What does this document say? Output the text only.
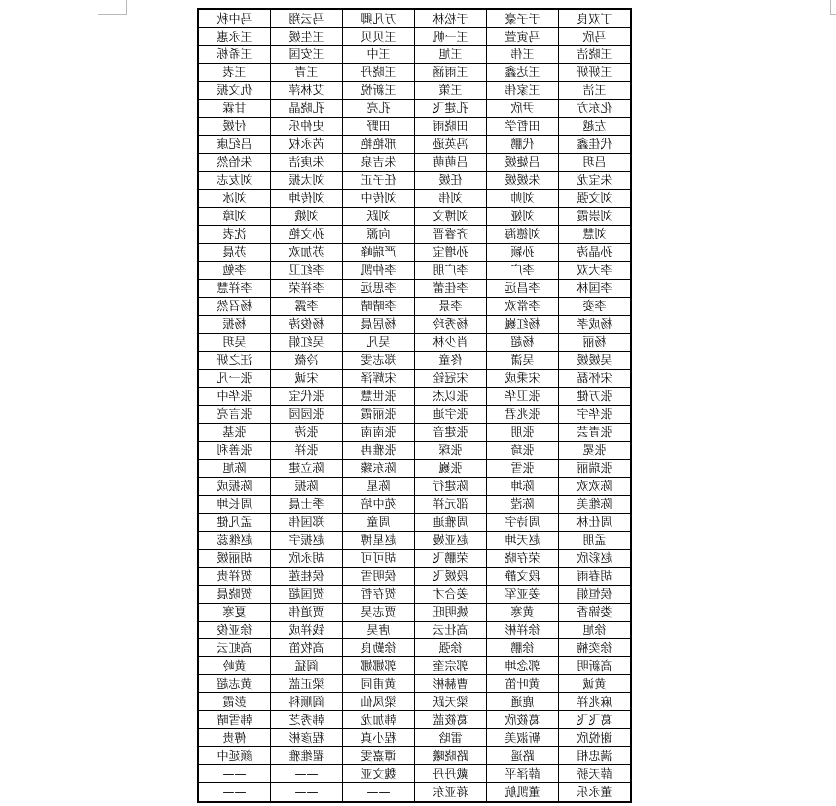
丁双良	于子豪	于松林	万凡卿	马云翔	马中秋
马欣	马寅萱	王一帆	王贝贝	王生媛	王永惠
王晓洁	王伟	王旭	王中	王安国	王希栎
王妍妍	王达鑫	王雨涵	王晓丹	王青	王表
王洁	王家伟	王策	王新悦	艾林萍	仇文振
化东方	尹欣	孔建飞	孔亮	孔晓晶	甘霖
左越	田哲学	田晓雨	田野	史仲乐	付媛
代佳鑫	代鹏	冯英逊	邢艳艳	芮永权	吕纪康
吕玥	吕婕媛	吕萌萌	朱吉泉	朱庚洁	朱怡然
朱宝龙	朱媛媛	任媛	任子正	刘太振	刘友志
刘文强	刘帅	刘伟	刘传中	刘传坤	刘冰
刘崇霞	刘娅	刘博文	刘跃	刘娥	刘璋
刘慧	刘德海	齐睿晋	向源	孙文艳	沈表
孙晶涛	孙颖	孙增宝	严瑞峰	苏加欢	苏晨
李大双	李广	李广朋	李仲凯	李红卫	李勉
李国林	李昌远	李佳蕾	李思远	李祥荣	李祥慧
李娈	李常欢	李景	李晴晴	李露	杨召然
杨成孝	杨红巍	杨秀玲	杨居晨	杨俊涛	杨振
杨丽	杨超	肖少林	吴凡	吴红娟	吴玥
吴媛媛	吴潇	佟童	郑志雯	冷薇	汪之妍
宋怀磊	宋秉成	宋冠铨	宋辉泽	宋诚	张一凡
张万健	张卫华	张以杰	张世慧	张代宝	张华中
张华宇	张兆君	张宇迪	张丽霞	张园园	张言亮
张青芸	张朋	张建音	张南南	张涛	张基
张冕	张琦	张琛	张雅冉	张祥	张善利
张瑞丽	张雪	张巍	陈东臻	陈立建	陈旭
陈欢欢	陈坤	陈建行	陈星	陈振	陈振成
陈维美	陈滢	邵元祥	苑中培	季士晨	周长坤
周仕林	周诗宇	周雅迪	周童	郑国伟	孟凡健
孟朋	赵天坤	赵亚嫚	赵星博	赵振宇	赵继蕊
赵彩欣	荣存晓	荣鹏飞	胡可可	胡永欣	胡丽媛
胡春雨	段文静	段媛飞	侯明雪	侯桂莲	贺祥贵
侯恒娟	姜亚军	姜合才	贺存哲	贺国超	贺晓晨
娄锦香	黄寒	姚明旺	贾志昊	贾道伟	夏寒
徐旭	徐祥彬	高壮云	唐昊	钱祥成	徐亚俊
徐奕楠	徐鹏	徐强	徐勤良	高牧笛	高虹云
高新明	郭念坤	郭宗奎	郭娜娜	阎猛	黄岭
黄诚	黄叶笛	曹赫彬	黄甫同	梁正蓝	黄志超
麻兆祥	鹿通	梁天跃	梁凤仙	阎顺科	彭霞
葛飞飞	葛筱欣	葛筱蓝	韩加龙	韩秀芝	韩雪晴
谢悦欣	靳淑美	雷晗	程小真	程彦彬	傅贵
满忠相	路遥	路晓曦	谭嘉雯	翟维雅	颜延中
薛天骄	薛泽平	戴丹丹	魏文亚	——	——
董永乐	董凯航	蒋亚东	——	——	——
